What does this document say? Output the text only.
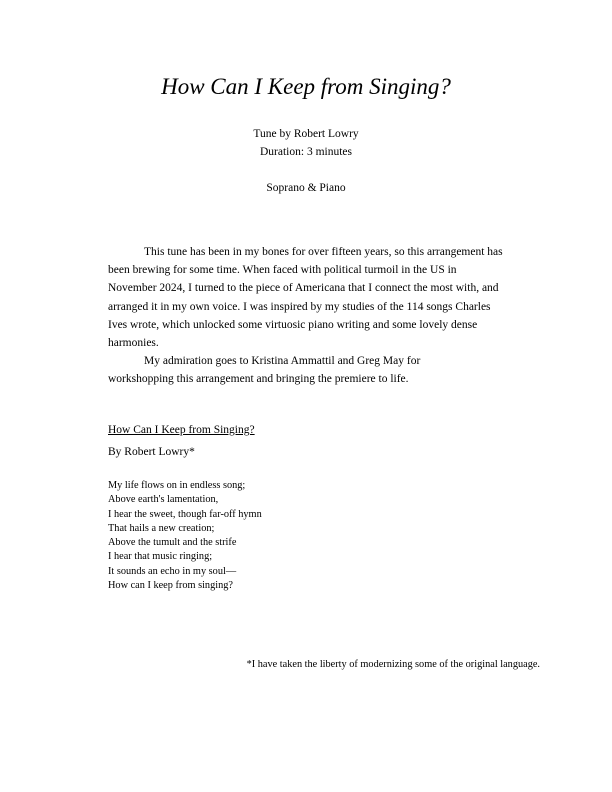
How Can I Keep from Singing?
Tune by Robert Lowry
Duration: 3 minutes
Soprano & Piano

This tune has been in my bones for over fifteen years, so this arrangement has been brewing for some time. When faced with political turmoil in the US in November 2024, I turned to the piece of Americana that I connect the most with, and arranged it in my own voice. I was inspired by my studies of the 114 songs Charles Ives wrote, which unlocked some virtuosic piano writing and some lovely dense harmonies.

My admiration goes to Kristina Ammattil and Greg May for
workshopping this arrangement and bringing the premiere to life.

How Can I Keep from Singing?
By Robert Lowry*
My life flows on in endless song;
Above earth's lamentation,
I hear the sweet, though far-off hymn
That hails a new creation;
Above the tumult and the strife
I hear that music ringing;
It sounds an echo in my soul—
How can I keep from singing?
*I have taken the liberty of modernizing some of the original language.
